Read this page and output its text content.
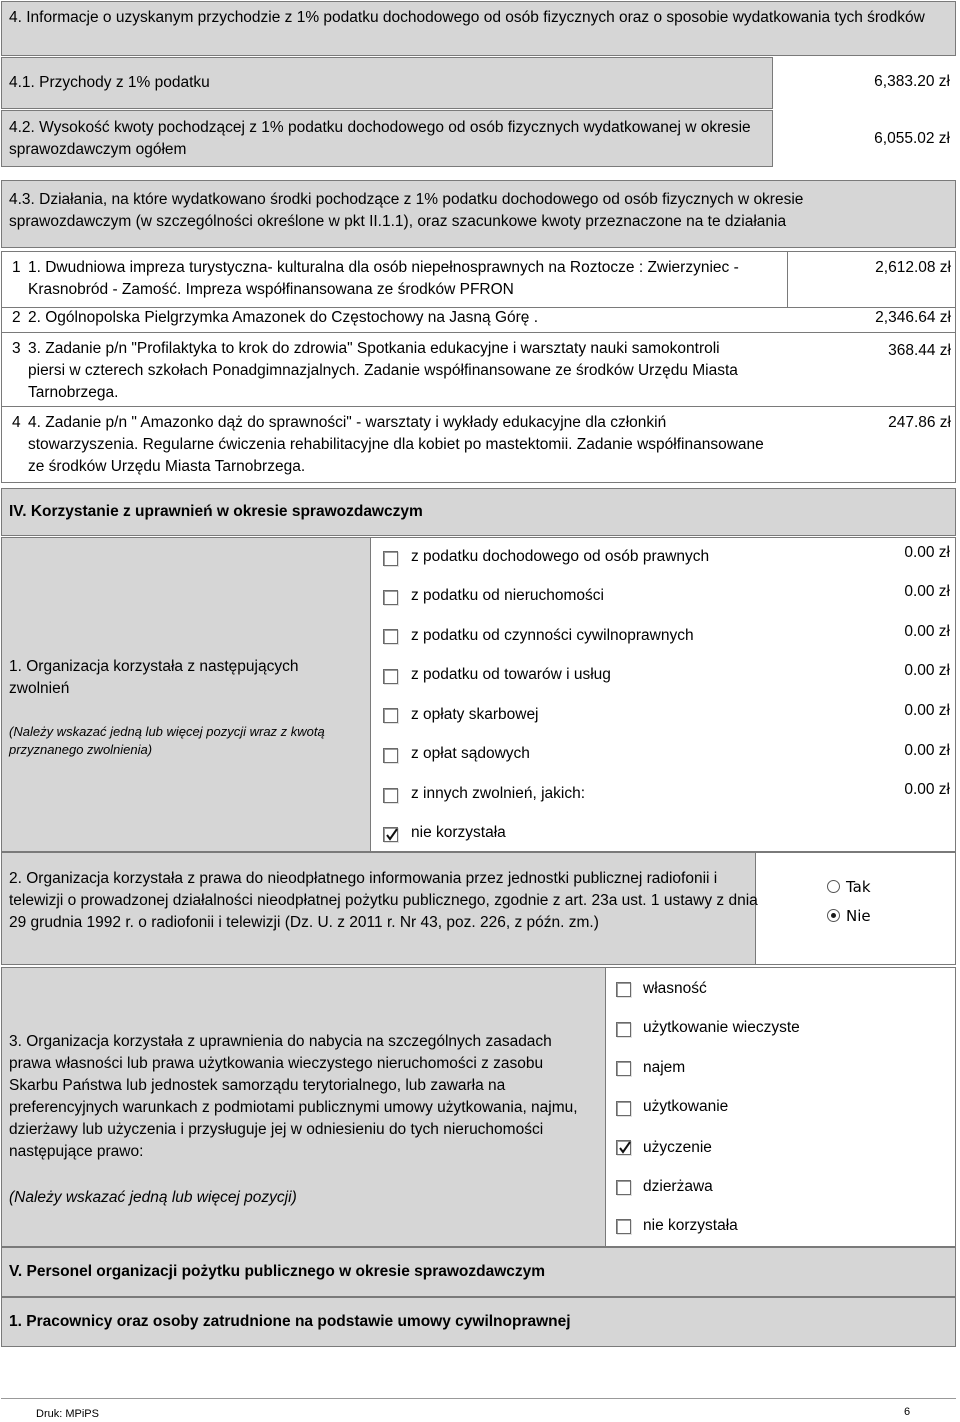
4. Informacje o uzyskanym przychodzie z 1% podatku dochodowego od osób fizycznych oraz o sposobie wydatkowania tych środków
4.1. Przychody z 1% podatku	6,383.20 zł
4.2. Wysokość kwoty pochodzącej z 1% podatku dochodowego od osób fizycznych wydatkowanej w okresie sprawozdawczym ogółem
6,055.02 zł
4.3. Działania, na które wydatkowano środki pochodzące z 1% podatku dochodowego od osób fizycznych w okresie sprawozdawczym (w szczególności określone w pkt II.1.1), oraz szacunkowe kwoty przeznaczone na te działania
1 1. Dwudniowa impreza turystyczna- kulturalna dla osób niepełnosprawnych na Roztocze : Zwierzyniec - Krasnobród - Zamość. Impreza współfinansowana ze środków PFRON
2,612.08 zł
2 2. Ogólnopolska Pielgrzymka Amazonek do Częstochowy na Jasną Górę .	2,346.64 zł
3 3. Zadanie p/n "Profilaktyka to krok do zdrowia" Spotkania edukacyjne i warsztaty nauki samokontroli piersi w czterech szkołach Ponadgimnazjalnych. Zadanie współfinansowane ze środków Urzędu Miasta Tarnobrzega.
368.44 zł
4 4. Zadanie p/n " Amazonko dąż do sprawności" - warsztaty i wykłady edukacyjne dla członkiń stowarzyszenia. Regularne ćwiczenia rehabilitacyjne dla kobiet po mastektomii. Zadanie współfinansowane ze środków Urzędu Miasta Tarnobrzega.
247.86 zł
IV. Korzystanie z uprawnień w okresie sprawozdawczym
1. Organizacja korzystała z następujących zwolnień
(Należy wskazać jedną lub więcej pozycji wraz z kwotą przyznanego zwolnienia)
z podatku dochodowego od osób prawnych	0.00 zł
z podatku od nieruchomości	0.00 zł
z podatku od czynności cywilnoprawnych	0.00 zł
z podatku od towarów i usług	0.00 zł
z opłaty skarbowej	0.00 zł
z opłat sądowych	0.00 zł
z innych zwolnień, jakich:	0.00 zł
nie korzystała
2. Organizacja korzystała z prawa do nieodpłatnego informowania przez jednostki publicznej radiofonii i telewizji o prowadzonej działalności nieodpłatnej pożytku publicznego, zgodnie z art. 23a ust. 1 ustawy z dnia 29 grudnia 1992 r. o radiofonii i telewizji (Dz. U. z 2011 r. Nr 43, poz. 226, z późn. zm.)
Tak
Nie
3. Organizacja korzystała z uprawnienia do nabycia na szczególnych zasadach prawa własności lub prawa użytkowania wieczystego nieruchomości z zasobu Skarbu Państwa lub jednostek samorządu terytorialnego, lub zawarła na preferencyjnych warunkach z podmiotami publicznymi umowy użytkowania, najmu, dzierżawy lub użyczenia i przysługuje jej w odniesieniu do tych nieruchomości następujące prawo:
(Należy wskazać jedną lub więcej pozycji)
własność
użytkowanie wieczyste
najem
użytkowanie
użyczenie
dzierżawa
nie korzystała
V. Personel organizacji pożytku publicznego w okresie sprawozdawczym
1. Pracownicy oraz osoby zatrudnione na podstawie umowy cywilnoprawnej
Druk: MPiPS	6
